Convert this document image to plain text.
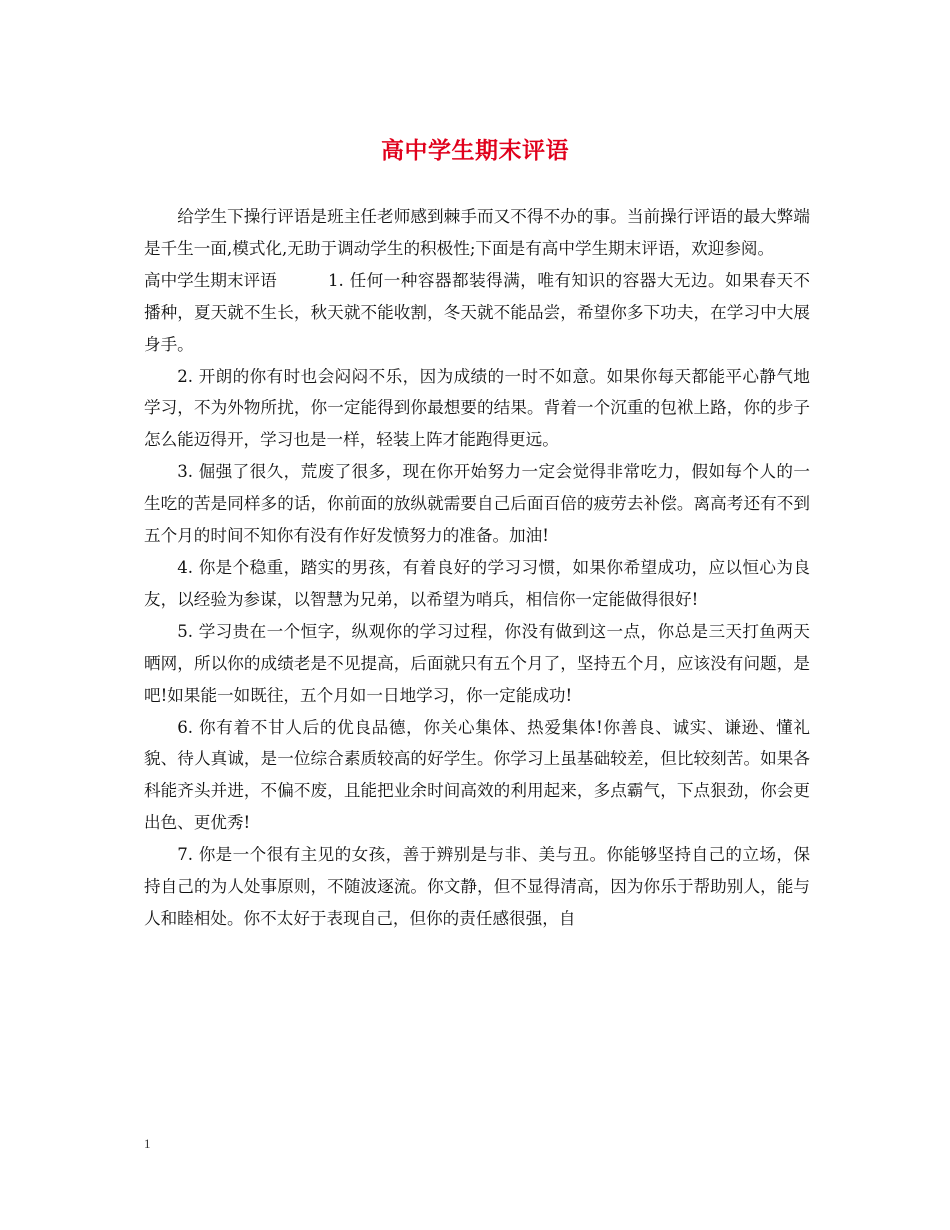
高中学生期末评语

给学生下操行评语是班主任老师感到棘手而又不得不办的事。当前操行评语的最大弊端是千生一面,模式化,无助于调动学生的积极性;下面是有高中学生期末评语，欢迎参阅。

高中学生期末评语	1. 任何一种容器都装得满，唯有知识的容器大无边。如果春天不播种，夏天就不生长，秋天就不能收割，冬天就不能品尝，希望你多下功夫，在学习中大展身手。

2. 开朗的你有时也会闷闷不乐，因为成绩的一时不如意。如果你每天都能平心静气地学习，不为外物所扰，你一定能得到你最想要的结果。背着一个沉重的包袱上路，你的步子怎么能迈得开，学习也是一样，轻装上阵才能跑得更远。

3. 倔强了很久，荒废了很多，现在你开始努力一定会觉得非常吃力，假如每个人的一生吃的苦是同样多的话，你前面的放纵就需要自己后面百倍的疲劳去补偿。离高考还有不到五个月的时间不知你有没有作好发愤努力的准备。加油!

4. 你是个稳重，踏实的男孩，有着良好的学习习惯，如果你希望成功，应以恒心为良友，以经验为参谋，以智慧为兄弟，以希望为哨兵，相信你一定能做得很好!

5. 学习贵在一个恒字，纵观你的学习过程，你没有做到这一点，你总是三天打鱼两天晒网，所以你的成绩老是不见提高，后面就只有五个月了，坚持五个月，应该没有问题，是吧!如果能一如既往，五个月如一日地学习，你一定能成功!

6. 你有着不甘人后的优良品德，你关心集体、热爱集体!你善良、诚实、谦逊、懂礼貌、待人真诚，是一位综合素质较高的好学生。你学习上虽基础较差，但比较刻苦。如果各科能齐头并进，不偏不废，且能把业余时间高效的利用起来，多点霸气，下点狠劲，你会更出色、更优秀!

7. 你是一个很有主见的女孩，善于辨别是与非、美与丑。你能够坚持自己的立场，保持自己的为人处事原则，不随波逐流。你文静，但不显得清高，因为你乐于帮助别人，能与人和睦相处。你不太好于表现自己，但你的责任感很强，自

1
